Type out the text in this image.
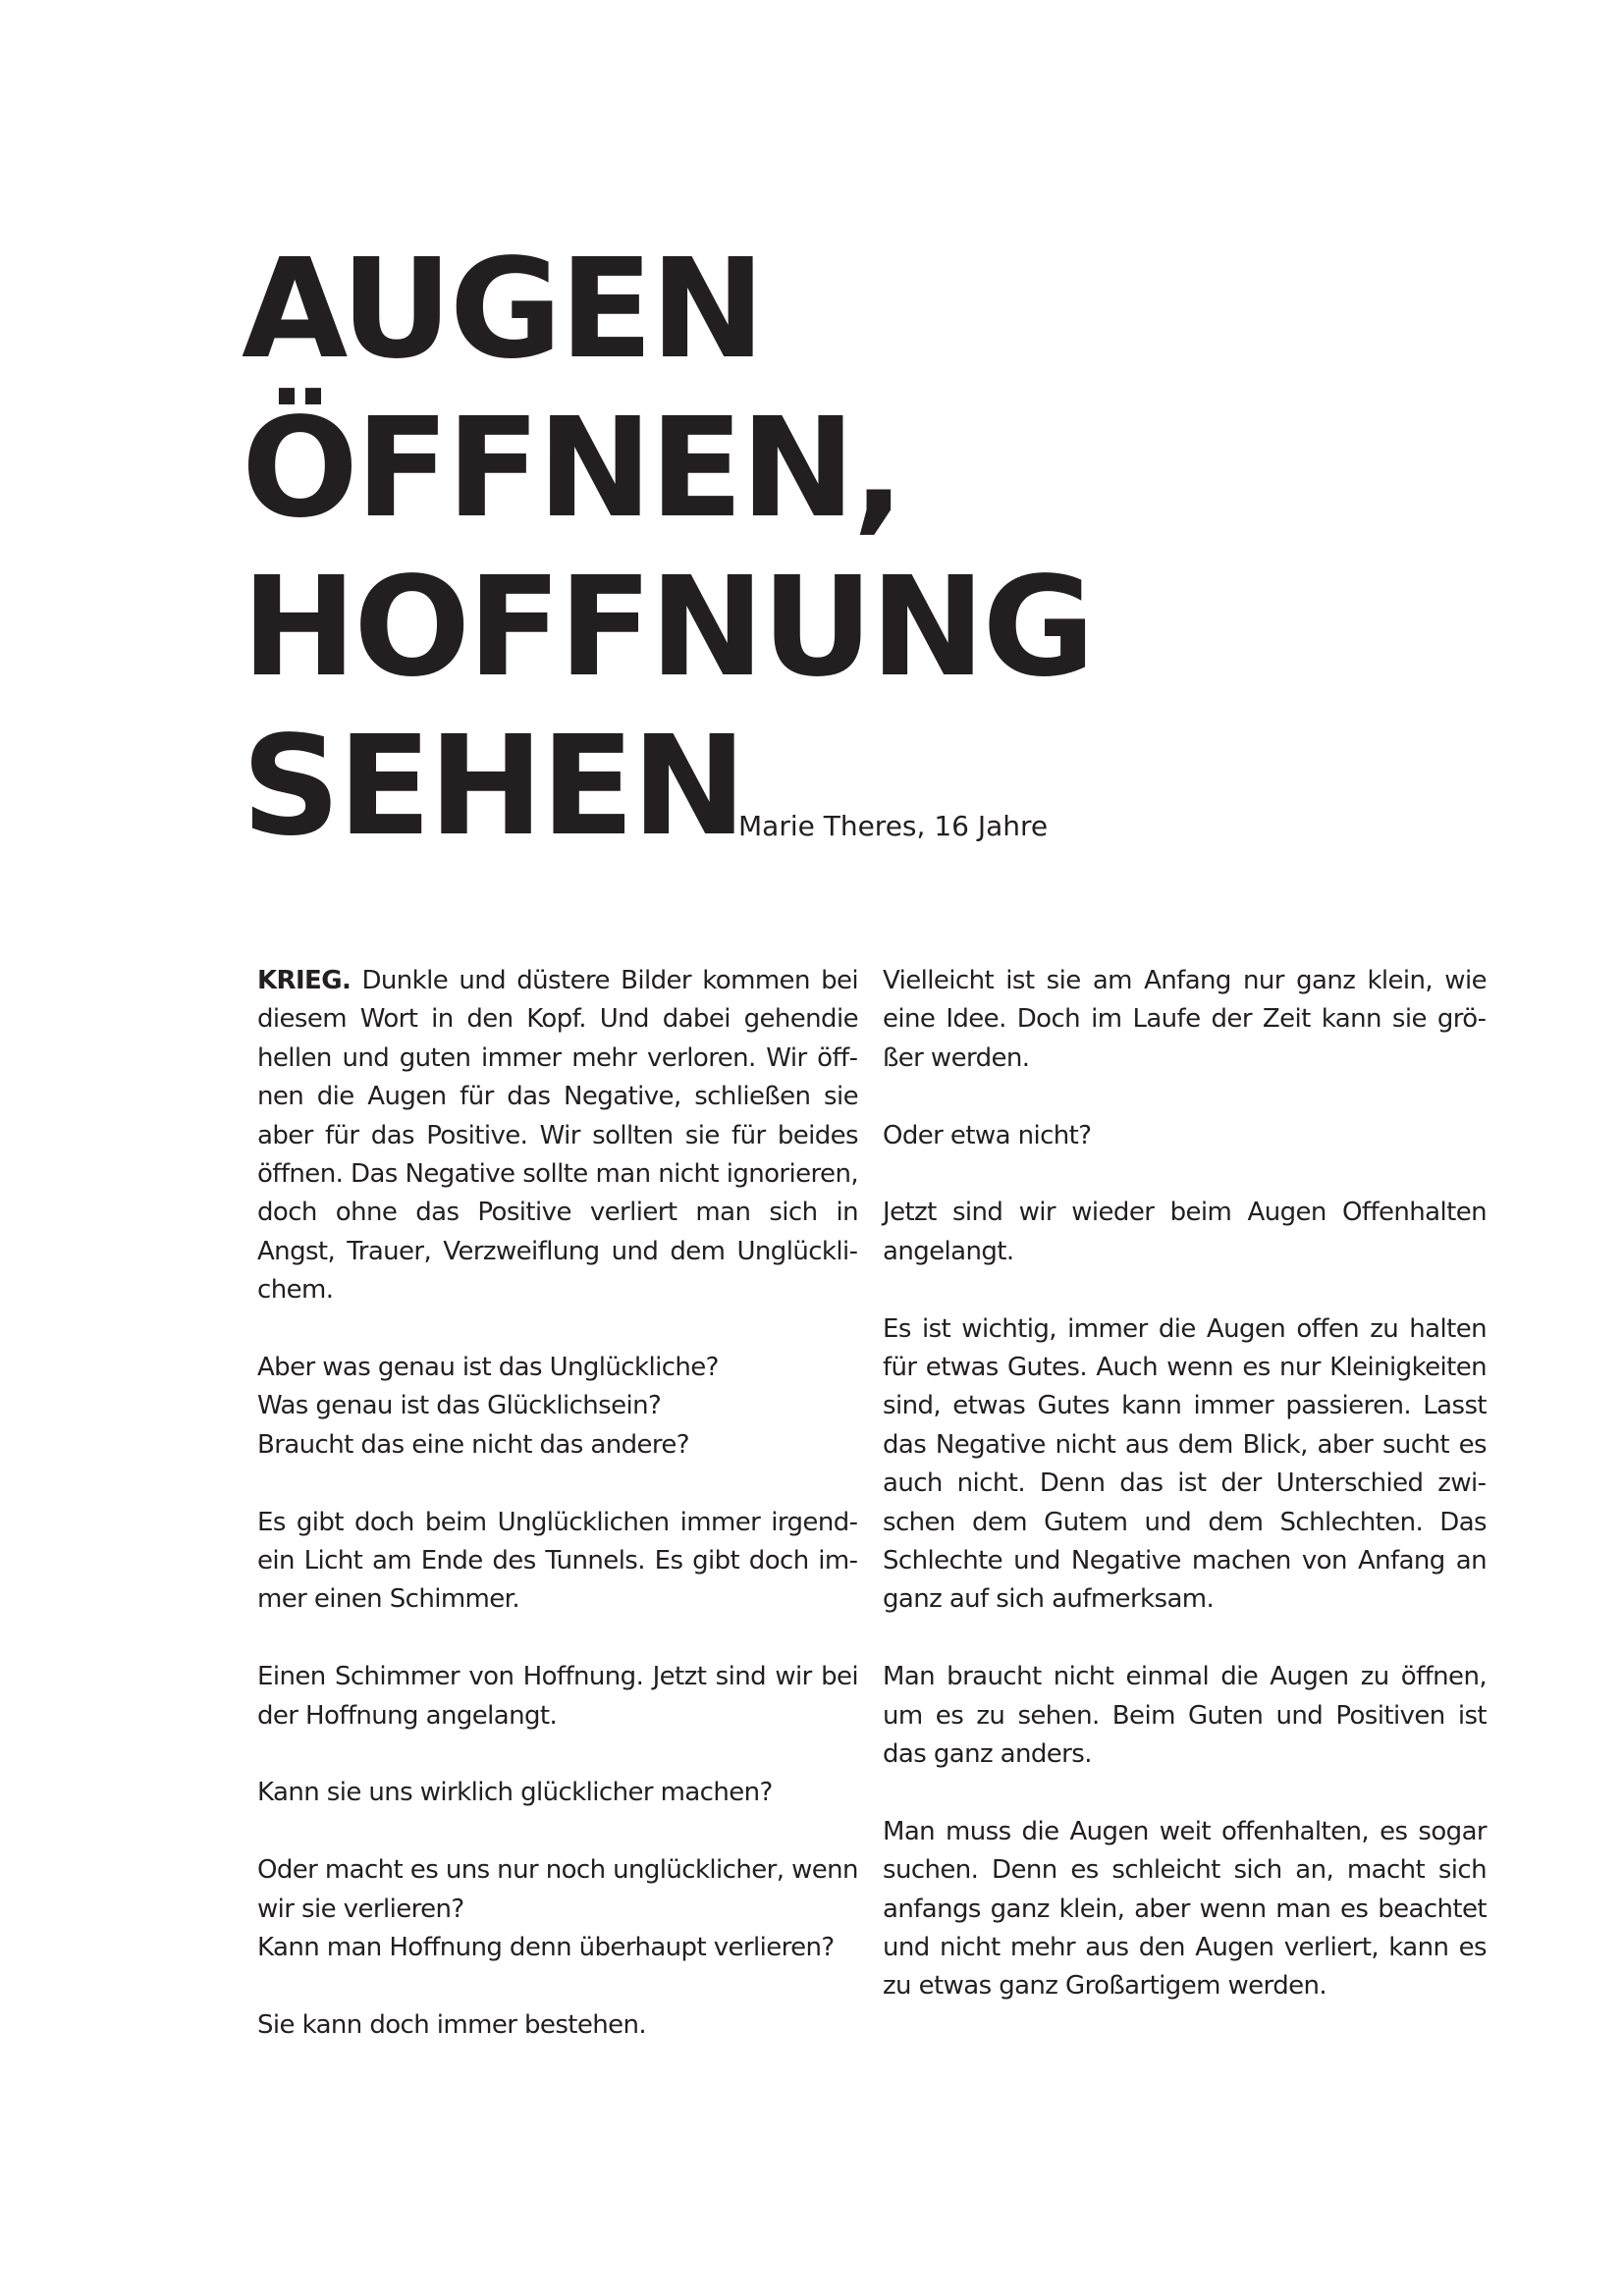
AUGEN
ÖFFNEN,
HOFFNUNG
SEHEN
Marie Theres, 16 Jahre

KRIEG. Dunkle und düstere Bilder kommen bei diesem Wort in den Kopf. Und dabei gehendie hellen und guten immer mehr verloren. Wir öffnen die Augen für das Negative, schließen sie aber für das Positive. Wir sollten sie für beides öffnen. Das Negative sollte man nicht ignorieren, doch ohne das Positive verliert man sich in Angst, Trauer, Verzweiflung und dem Unglücklichem.

Aber was genau ist das Unglückliche?
Was genau ist das Glücklichsein?
Braucht das eine nicht das andere?

Es gibt doch beim Unglücklichen immer irgendein Licht am Ende des Tunnels. Es gibt doch immer einen Schimmer.

Einen Schimmer von Hoffnung. Jetzt sind wir bei der Hoffnung angelangt.

Kann sie uns wirklich glücklicher machen?

Oder macht es uns nur noch unglücklicher, wenn
wir sie verlieren?
Kann man Hoffnung denn überhaupt verlieren?

Sie kann doch immer bestehen.

Vielleicht ist sie am Anfang nur ganz klein, wie eine Idee. Doch im Laufe der Zeit kann sie größer werden.

Oder etwa nicht?

Jetzt sind wir wieder beim Augen Offenhalten angelangt.

Es ist wichtig, immer die Augen offen zu halten für etwas Gutes. Auch wenn es nur Kleinigkeiten sind, etwas Gutes kann immer passieren. Lasst das Negative nicht aus dem Blick, aber sucht es auch nicht. Denn das ist der Unterschied zwischen dem Gutem und dem Schlechten. Das Schlechte und Negative machen von Anfang an ganz auf sich aufmerksam.

Man braucht nicht einmal die Augen zu öffnen, um es zu sehen. Beim Guten und Positiven ist das ganz anders.

Man muss die Augen weit offenhalten, es sogar suchen. Denn es schleicht sich an, macht sich anfangs ganz klein, aber wenn man es beachtet und nicht mehr aus den Augen verliert, kann es zu etwas ganz Großartigem werden.
